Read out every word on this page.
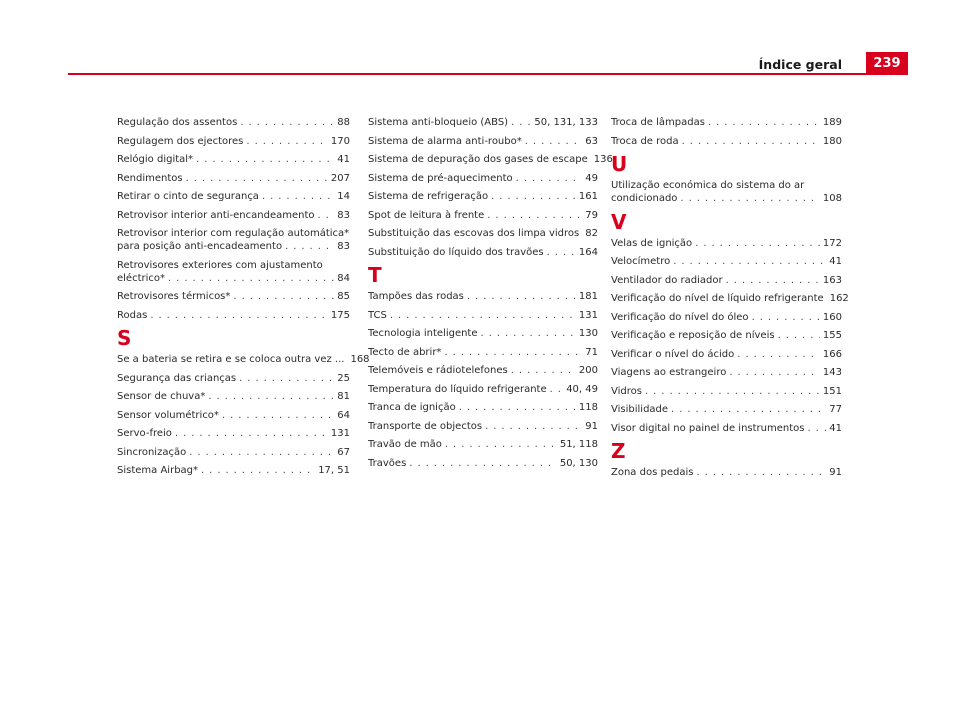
Índice geral	239
Regulação dos assentos . . .	88
Regulagem dos ejectores . . .	170
Relógio digital* . . .	41
Rendimentos . . .	207
Retirar o cinto de segurança . . .	14
Retrovisor interior anti-encandeamento . . . 83
Retrovisor interior com regulação automática*
para posição anti-encadeamento . . .	83
Retrovisores exteriores com ajustamento
eléctrico* . . .	84
Retrovisores térmicos* . . .	85
Rodas . . .	175
S
Se a bateria se retira e se coloca outra vez ... 168
Segurança das crianças . . .	25
Sensor de chuva* . . .	81
Sensor volumétrico* . . .	64
Servo-freio . . .	131
Sincronização . . .	67
Sistema Airbag* . . .	17, 51
Sistema anti-bloqueio (ABS) . . .	50, 131, 133
Sistema de alarma anti-roubo* . . .	63
Sistema de depuração dos gases de escape 136
Sistema de pré-aquecimento . . .	49
Sistema de refrigeração . . .	161
Spot de leitura à frente . . .	79
Substituição das escovas dos limpa vidros . . . 82
Substituição do líquido dos travões . . .	164
T
Tampões das rodas . . .	181
TCS . . .	131
Tecnologia inteligente . . .	130
Tecto de abrir* . . .	71
Telemóveis e rádiotelefones . . .	200
Temperatura do líquido refrigerante . . . 40, 49
Tranca de ignição . . .	118
Transporte de objectos . . .	91
Travão de mão . . .	51, 118
Travões . . .	50, 130
Troca de lâmpadas . . .	189
Troca de roda . . .	180
U
Utilização económica do sistema do ar
condicionado . . .	108
V
Velas de ignição . . .	172
Velocímetro . . .	41
Ventilador do radiador . . .	163
Verificação do nível de líquido refrigerante 162
Verificação do nível do óleo . . .	160
Verificação e reposição de níveis . . .	155
Verificar o nível do ácido . . .	166
Viagens ao estrangeiro . . .	143
Vidros . . .	151
Visibilidade . . .	77
Visor digital no painel de instrumentos . . . 41
Z
Zona dos pedais . . .	91
